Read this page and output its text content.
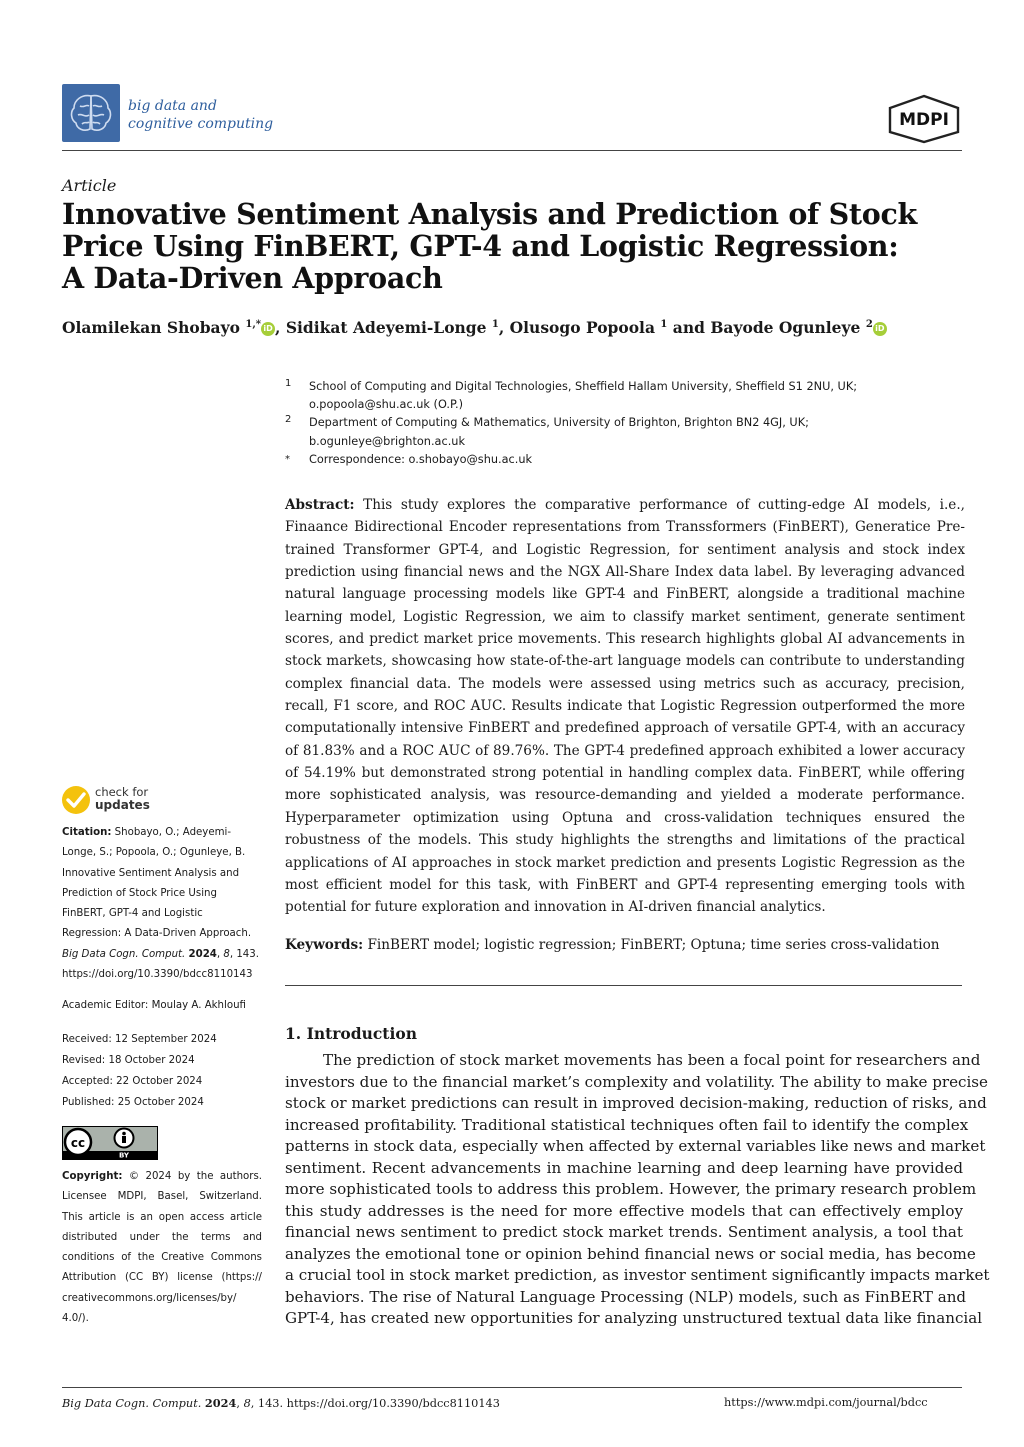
big data and
cognitive computing	MDPI
Article
Innovative Sentiment Analysis and Prediction of Stock
Price Using FinBERT, GPT-4 and Logistic Regression:
A Data-Driven Approach
Olamilekan Shobayo $^{1,*}$ iD , Sidikat Adeyemi-Longe $^1$, Olusogo Popoola $^1$ and Bayode Ogunleye $^2$ iD
1 School of Computing and Digital Technologies, Sheffield Hallam University, Sheffield S1 2NU, UK;
o.popoola@shu.ac.uk (O.P.)
2 Department of Computing & Mathematics, University of Brighton, Brighton BN2 4GJ, UK;
b.ogunleye@brighton.ac.uk
* Correspondence: o.shobayo@shu.ac.uk
Abstract: This study explores the comparative performance of cutting-edge AI models, i.e., Finaance Bidirectional Encoder representations from Transsformers (FinBERT), Generatice Pre-trained Transformer GPT-4, and Logistic Regression, for sentiment analysis and stock index prediction using financial news and the NGX All-Share Index data label. By leveraging advanced natural language processing models like GPT-4 and FinBERT, alongside a traditional machine learning model, Logistic Regression, we aim to classify market sentiment, generate sentiment scores, and predict market price movements. This research highlights global AI advancements in stock markets, showcasing how state-of-the-art language models can contribute to understanding complex financial data. The models were assessed using metrics such as accuracy, precision, recall, F1 score, and ROC AUC. Results indicate that Logistic Regression outperformed the more computationally intensive FinBERT and predefined approach of versatile GPT-4, with an accuracy of 81.83% and a ROC AUC of 89.76%. The GPT-4 predefined approach exhibited a lower accuracy of 54.19% but demonstrated strong potential in handling complex data. FinBERT, while offering more sophisticated analysis, was resource-demanding and yielded a moderate performance. Hyperparameter optimization using Optuna and cross-validation techniques ensured the robustness of the models. This study highlights the strengths and limitations of the practical applications of AI approaches in stock market prediction and presents Logistic Regression as the most efficient model for this task, with FinBERT and GPT-4 representing emerging tools with potential for future exploration and innovation in AI-driven financial analytics.
Keywords: FinBERT model; logistic regression; FinBERT; Optuna; time series cross-validation
1. Introduction
The prediction of stock market movements has been a focal point for researchers and
investors due to the financial market’s complexity and volatility. The ability to make precise
stock or market predictions can result in improved decision-making, reduction of risks, and
increased profitability. Traditional statistical techniques often fail to identify the complex
patterns in stock data, especially when affected by external variables like news and market
sentiment. Recent advancements in machine learning and deep learning have provided
more sophisticated tools to address this problem. However, the primary research problem
this study addresses is the need for more effective models that can effectively employ
financial news sentiment to predict stock market trends. Sentiment analysis, a tool that
analyzes the emotional tone or opinion behind financial news or social media, has become
a crucial tool in stock market prediction, as investor sentiment significantly impacts market
behaviors. The rise of Natural Language Processing (NLP) models, such as FinBERT and
GPT-4, has created new opportunities for analyzing unstructured textual data like financial
check for
updates
Citation: Shobayo, O.; Adeyemi-
Longe, S.; Popoola, O.; Ogunleye, B.
Innovative Sentiment Analysis and
Prediction of Stock Price Using
FinBERT, GPT-4 and Logistic
Regression: A Data-Driven Approach.
Big Data Cogn. Comput. 2024, 8, 143.
https://doi.org/10.3390/bdcc8110143
Academic Editor: Moulay A. Akhloufi
Received: 12 September 2024
Revised: 18 October 2024
Accepted: 22 October 2024
Published: 25 October 2024
cc
BY
Copyright: © 2024 by the authors.
Licensee MDPI, Basel, Switzerland.
This article is an open access article
distributed under the terms and
conditions of the Creative Commons
Attribution (CC BY) license (https://
creativecommons.org/licenses/by/
4.0/).
Big Data Cogn. Comput. 2024, 8, 143. https://doi.org/10.3390/bdcc8110143	https://www.mdpi.com/journal/bdcc
